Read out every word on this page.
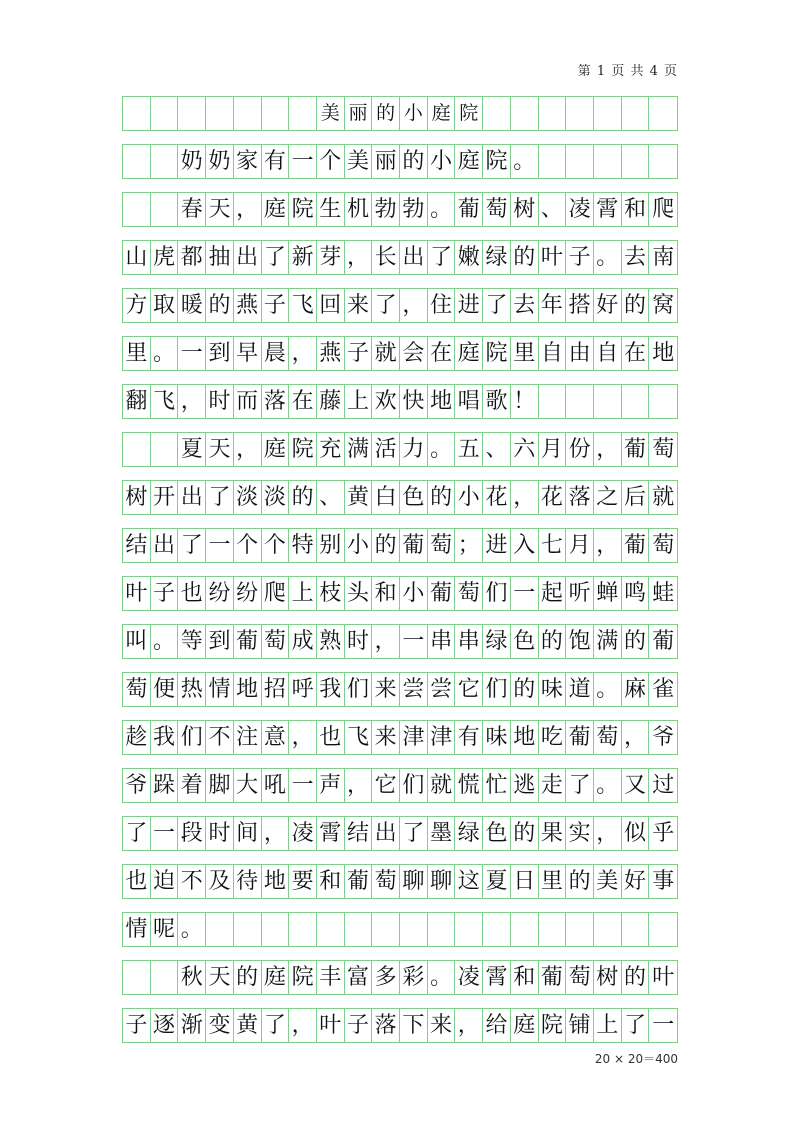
第 1 页 共 4 页
美 丽 的 小 庭 院
奶 奶 家 有 一 个 美 丽 的 小 庭 院 。
春 天 ， 庭 院 生 机 勃 勃 。 葡 萄 树 、 凌 霄 和 爬
山 虎 都 抽 出 了 新 芽 ， 长 出 了 嫩 绿 的 叶 子 。 去 南
方 取 暖 的 燕 子 飞 回 来 了 ， 住 进 了 去 年 搭 好 的 窝
里 。 一 到 早 晨 ， 燕 子 就 会 在 庭 院 里 自 由 自 在 地
翻 飞 ， 时 而 落 在 藤 上 欢 快 地 唱 歌 ！
夏 天 ， 庭 院 充 满 活 力 。 五 、 六 月 份 ， 葡 萄
树 开 出 了 淡 淡 的 、 黄 白 色 的 小 花 ， 花 落 之 后 就
结 出 了 一 个 个 特 别 小 的 葡 萄 ； 进 入 七 月 ， 葡 萄
叶 子 也 纷 纷 爬 上 枝 头 和 小 葡 萄 们 一 起 听 蝉 鸣 蛙
叫 。 等 到 葡 萄 成 熟 时 ， 一 串 串 绿 色 的 饱 满 的 葡
萄 便 热 情 地 招 呼 我 们 来 尝 尝 它 们 的 味 道 。 麻 雀
趁 我 们 不 注 意 ， 也 飞 来 津 津 有 味 地 吃 葡 萄 ， 爷
爷 跺 着 脚 大 吼 一 声 ， 它 们 就 慌 忙 逃 走 了 。 又 过
了 一 段 时 间 ， 凌 霄 结 出 了 墨 绿 色 的 果 实 ， 似 乎
也 迫 不 及 待 地 要 和 葡 萄 聊 聊 这 夏 日 里 的 美 好 事
情 呢 。
秋 天 的 庭 院 丰 富 多 彩 。 凌 霄 和 葡 萄 树 的 叶
子 逐 渐 变 黄 了 ， 叶 子 落 下 来 ， 给 庭 院 铺 上 了 一
20 × 20＝400
